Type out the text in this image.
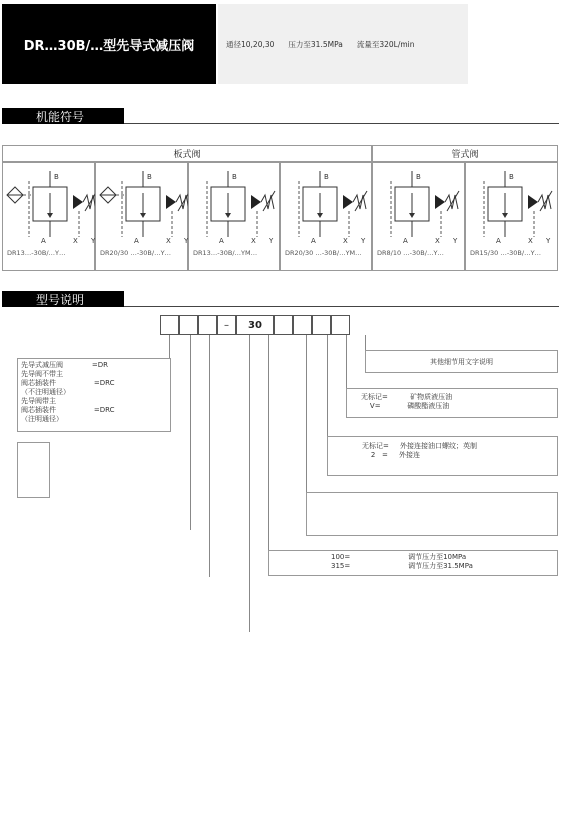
DR…30B/…型先导式减压阀	通径10,20,30 压力至31.5MPa 流量至320L/min
机能符号
板式阀	管式阀
B
A	X Y
DR13…-30B/…Y…
B
A	X Y
DR20/30 …-30B/…Y…
B
A	X Y
DR13…-30B/…YM…
B
A	X Y
DR20/30 …-30B/…YM…
B
A	X Y
DR8/10 …-30B/…Y…
B
A	X Y
DR15/30 …-30B/…Y…
型号说明
–	30
先导式减压阀             =DR
先导阀不带主
阀芯插装件                 =DRC
（不注明通径）
先导阀带主
阀芯插装件                 =DRC
（注明通径）
其他细节用文字说明
无标记=          矿物质液压油
V=            磷酸酯液压油
无标记=     外接连接油口螺纹；英制
2   =     外接连
100=                          调节压力至10MPa
315=                          调节压力至31.5MPa
